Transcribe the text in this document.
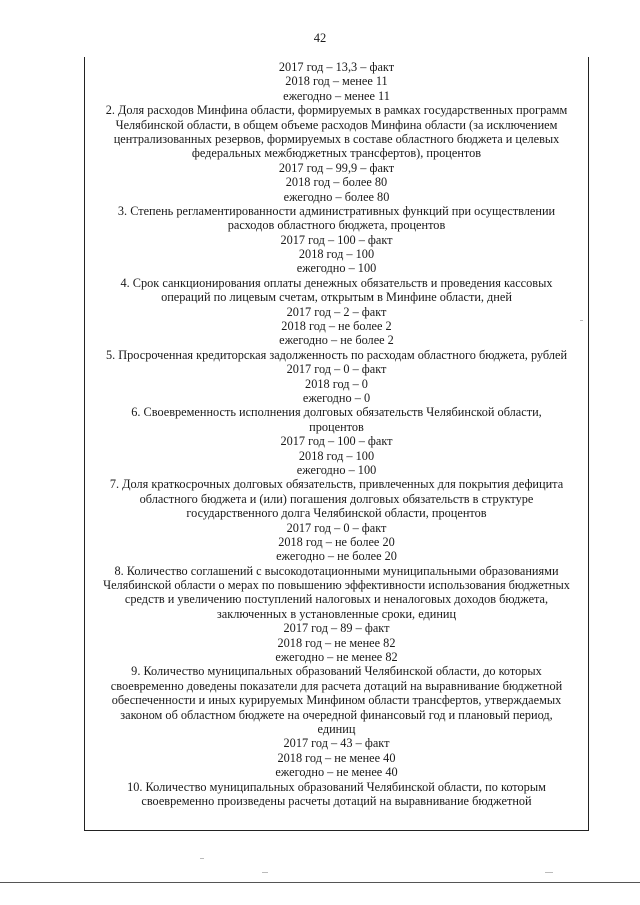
42
2017 год – 13,3 – факт
2018 год – менее 11
ежегодно – менее 11
2. Доля расходов Минфина области, формируемых в рамках государственных программ
Челябинской области, в общем объеме расходов Минфина области (за исключением
централизованных резервов, формируемых в составе областного бюджета и целевых
федеральных межбюджетных трансфертов), процентов
2017 год – 99,9 – факт
2018 год – более 80
ежегодно – более 80
3. Степень регламентированности административных функций при осуществлении
расходов областного бюджета, процентов
2017 год – 100 – факт
2018 год – 100
ежегодно – 100
4. Срок санкционирования оплаты денежных обязательств и проведения кассовых
операций по лицевым счетам, открытым в Минфине области, дней
2017 год – 2 – факт
2018 год – не более 2
ежегодно – не более 2
5. Просроченная кредиторская задолженность по расходам областного бюджета, рублей
2017 год – 0 – факт
2018 год – 0
ежегодно – 0
6. Своевременность исполнения долговых обязательств Челябинской области,
процентов
2017 год – 100 – факт
2018 год – 100
ежегодно – 100
7. Доля краткосрочных долговых обязательств, привлеченных для покрытия дефицита
областного бюджета и (или) погашения долговых обязательств в структуре
государственного долга Челябинской области, процентов
2017 год – 0 – факт
2018 год – не более 20
ежегодно – не более 20
8. Количество соглашений с высокодотационными муниципальными образованиями
Челябинской области о мерах по повышению эффективности использования бюджетных
средств и увеличению поступлений налоговых и неналоговых доходов бюджета,
заключенных в установленные сроки, единиц
2017 год – 89 – факт
2018 год – не менее 82
ежегодно – не менее 82
9. Количество муниципальных образований Челябинской области, до которых
своевременно доведены показатели для расчета дотаций на выравнивание бюджетной
обеспеченности и иных курируемых Минфином области трансфертов, утверждаемых
законом об областном бюджете на очередной финансовый год и плановый период,
единиц
2017 год – 43 – факт
2018 год – не менее 40
ежегодно – не менее 40
10. Количество муниципальных образований Челябинской области, по которым
своевременно произведены расчеты дотаций на выравнивание бюджетной
